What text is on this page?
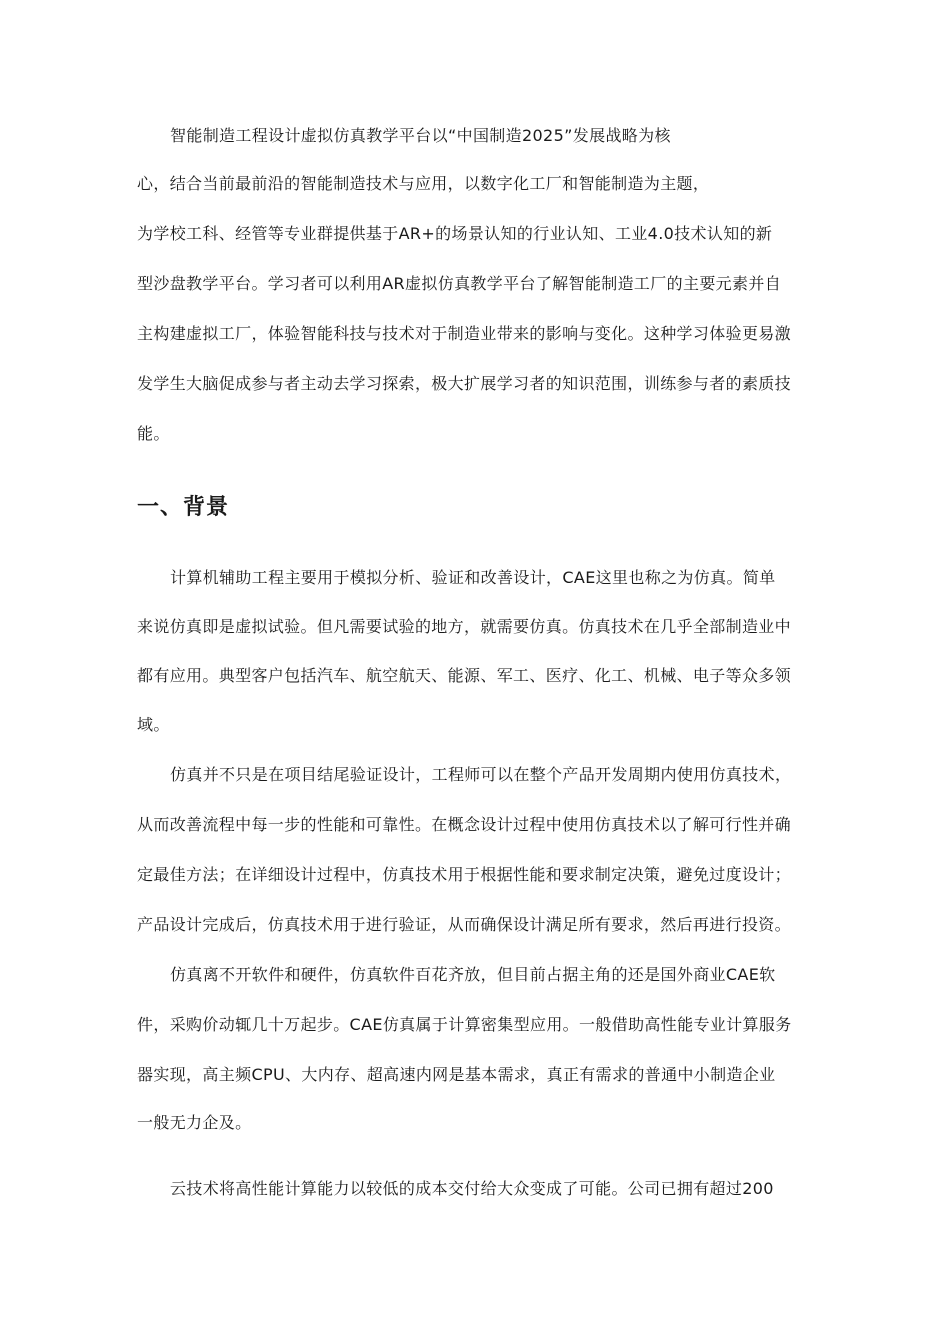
智能制造工程设计虚拟仿真教学平台以“中国制造2025”发展战略为核
心，结合当前最前沿的智能制造技术与应用，以数字化工厂和智能制造为主题，
为学校工科、经管等专业群提供基于AR+的场景认知的行业认知、工业4.0技术认知的新
型沙盘教学平台。学习者可以利用AR虚拟仿真教学平台了解智能制造工厂的主要元素并自
主构建虚拟工厂，体验智能科技与技术对于制造业带来的影响与变化。这种学习体验更易激
发学生大脑促成参与者主动去学习探索，极大扩展学习者的知识范围，训练参与者的素质技
能。
一、背景
计算机辅助工程主要用于模拟分析、验证和改善设计，CAE这里也称之为仿真。简单
来说仿真即是虚拟试验。但凡需要试验的地方，就需要仿真。仿真技术在几乎全部制造业中
都有应用。典型客户包括汽车、航空航天、能源、军工、医疗、化工、机械、电子等众多领
域。
仿真并不只是在项目结尾验证设计，工程师可以在整个产品开发周期内使用仿真技术，
从而改善流程中每一步的性能和可靠性。在概念设计过程中使用仿真技术以了解可行性并确
定最佳方法；在详细设计过程中，仿真技术用于根据性能和要求制定决策，避免过度设计；
产品设计完成后，仿真技术用于进行验证，从而确保设计满足所有要求，然后再进行投资。
仿真离不开软件和硬件，仿真软件百花齐放，但目前占据主角的还是国外商业CAE软
件，采购价动辄几十万起步。CAE仿真属于计算密集型应用。一般借助高性能专业计算服务
器实现，高主频CPU、大内存、超高速内网是基本需求，真正有需求的普通中小制造企业
一般无力企及。
云技术将高性能计算能力以较低的成本交付给大众变成了可能。公司已拥有超过200
